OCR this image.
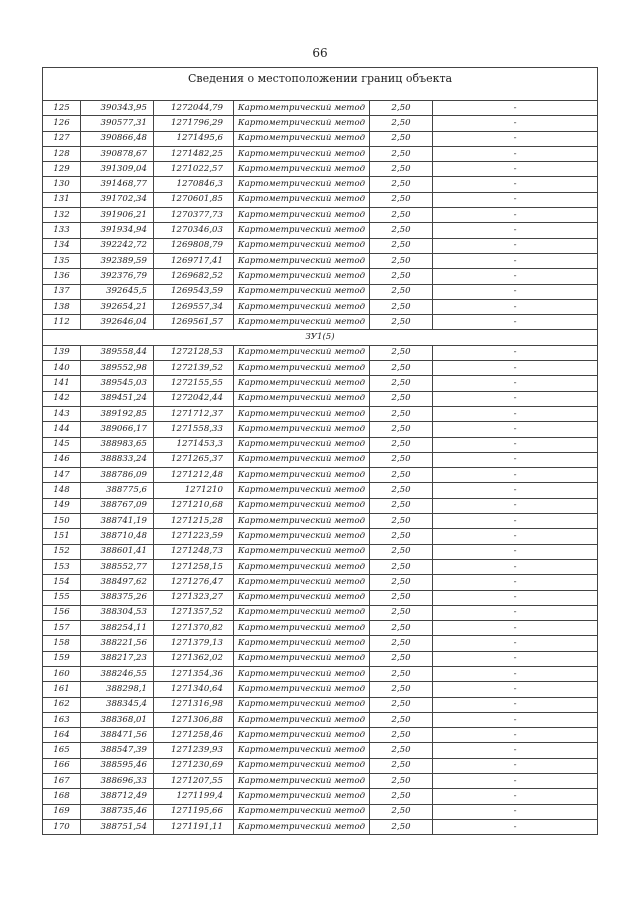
66
Сведения о местоположении границ объекта					
125	390343,95	1272044,79	Картометрический метод	2,50	-
126	390577,31	1271796,29	Картометрический метод	2,50	-
127	390866,48	1271495,6	Картометрический метод	2,50	-
128	390878,67	1271482,25	Картометрический метод	2,50	-
129	391309,04	1271022,57	Картометрический метод	2,50	-
130	391468,77	1270846,3	Картометрический метод	2,50	-
131	391702,34	1270601,85	Картометрический метод	2,50	-
132	391906,21	1270377,73	Картометрический метод	2,50	-
133	391934,94	1270346,03	Картометрический метод	2,50	-
134	392242,72	1269808,79	Картометрический метод	2,50	-
135	392389,59	1269717,41	Картометрический метод	2,50	-
136	392376,79	1269682,52	Картометрический метод	2,50	-
137	392645,5	1269543,59	Картометрический метод	2,50	-
138	392654,21	1269557,34	Картометрический метод	2,50	-
112	392646,04	1269561,57	Картометрический метод	2,50	-
ЗУ1(5)					
139	389558,44	1272128,53	Картометрический метод	2,50	-
140	389552,98	1272139,52	Картометрический метод	2,50	-
141	389545,03	1272155,55	Картометрический метод	2,50	-
142	389451,24	1272042,44	Картометрический метод	2,50	-
143	389192,85	1271712,37	Картометрический метод	2,50	-
144	389066,17	1271558,33	Картометрический метод	2,50	-
145	388983,65	1271453,3	Картометрический метод	2,50	-
146	388833,24	1271265,37	Картометрический метод	2,50	-
147	388786,09	1271212,48	Картометрический метод	2,50	-
148	388775,6	1271210	Картометрический метод	2,50	-
149	388767,09	1271210,68	Картометрический метод	2,50	-
150	388741,19	1271215,28	Картометрический метод	2,50	-
151	388710,48	1271223,59	Картометрический метод	2,50	-
152	388601,41	1271248,73	Картометрический метод	2,50	-
153	388552,77	1271258,15	Картометрический метод	2,50	-
154	388497,62	1271276,47	Картометрический метод	2,50	-
155	388375,26	1271323,27	Картометрический метод	2,50	-
156	388304,53	1271357,52	Картометрический метод	2,50	-
157	388254,11	1271370,82	Картометрический метод	2,50	-
158	388221,56	1271379,13	Картометрический метод	2,50	-
159	388217,23	1271362,02	Картометрический метод	2,50	-
160	388246,55	1271354,36	Картометрический метод	2,50	-
161	388298,1	1271340,64	Картометрический метод	2,50	-
162	388345,4	1271316,98	Картометрический метод	2,50	-
163	388368,01	1271306,88	Картометрический метод	2,50	-
164	388471,56	1271258,46	Картометрический метод	2,50	-
165	388547,39	1271239,93	Картометрический метод	2,50	-
166	388595,46	1271230,69	Картометрический метод	2,50	-
167	388696,33	1271207,55	Картометрический метод	2,50	-
168	388712,49	1271199,4	Картометрический метод	2,50	-
169	388735,46	1271195,66	Картометрический метод	2,50	-
170	388751,54	1271191,11	Картометрический метод	2,50	-
